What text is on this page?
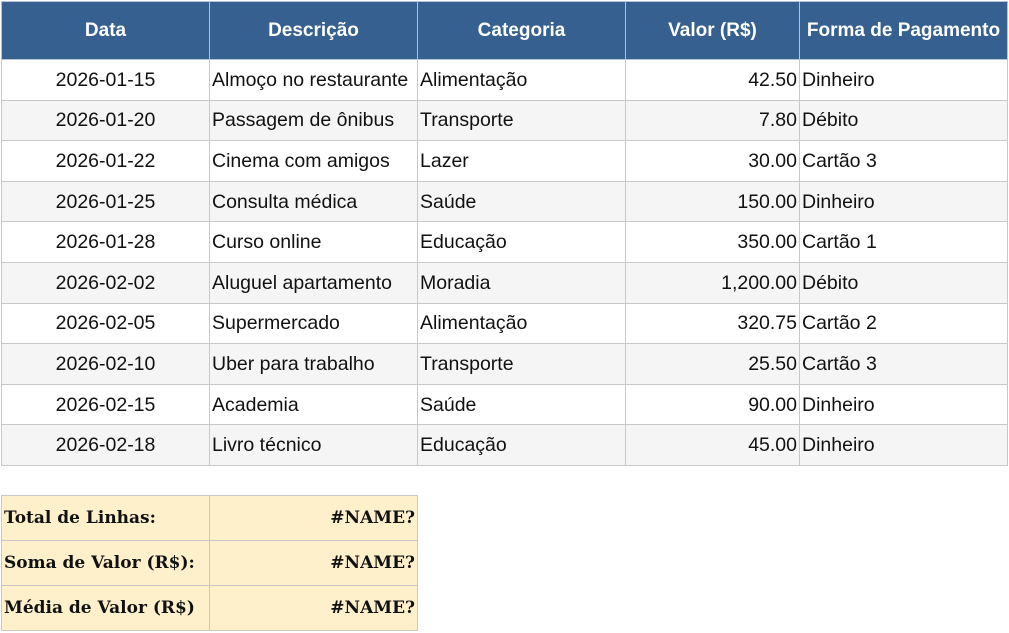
Data	Descrição	Categoria	Valor (R$)	Forma de Pagamento
2026-01-15	Almoço no restaurante	Alimentação	42.50	Dinheiro
2026-01-20	Passagem de ônibus	Transporte	7.80	Débito
2026-01-22	Cinema com amigos	Lazer	30.00	Cartão 3
2026-01-25	Consulta médica	Saúde	150.00	Dinheiro
2026-01-28	Curso online	Educação	350.00	Cartão 1
2026-02-02	Aluguel apartamento	Moradia	1,200.00	Débito
2026-02-05	Supermercado	Alimentação	320.75	Cartão 2
2026-02-10	Uber para trabalho	Transporte	25.50	Cartão 3
2026-02-15	Academia	Saúde	90.00	Dinheiro
2026-02-18	Livro técnico	Educação	45.00	Dinheiro
Total de Linhas:	#NAME?
Soma de Valor (R$):	#NAME?
Média de Valor (R$)	#NAME?
